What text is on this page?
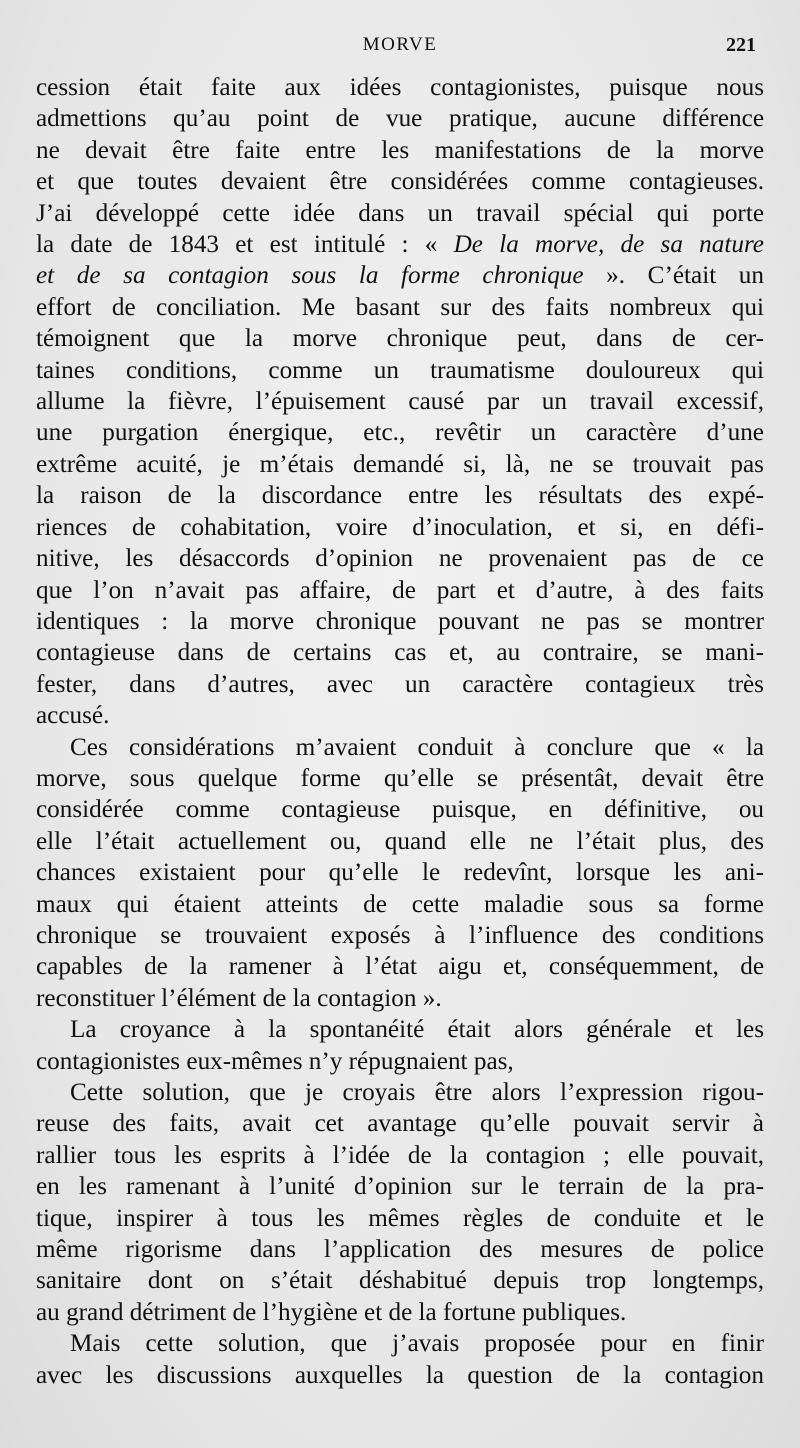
MORVE	221
cession était faite aux idées contagionistes, puisque nous
admettions qu’au point de vue pratique, aucune différence
ne devait être faite entre les manifestations de la morve
et que toutes devaient être considérées comme contagieuses.
J’ai développé cette idée dans un travail spécial qui porte
la date de 1843 et est intitulé : « De la morve, de sa nature
et de sa contagion sous la forme chronique ». C’était un
effort de conciliation. Me basant sur des faits nombreux qui
témoignent que la morve chronique peut, dans de cer-
taines conditions, comme un traumatisme douloureux qui
allume la fièvre, l’épuisement causé par un travail excessif,
une purgation énergique, etc., revêtir un caractère d’une
extrême acuité, je m’étais demandé si, là, ne se trouvait pas
la raison de la discordance entre les résultats des expé-
riences de cohabitation, voire d’inoculation, et si, en défi-
nitive, les désaccords d’opinion ne provenaient pas de ce
que l’on n’avait pas affaire, de part et d’autre, à des faits
identiques : la morve chronique pouvant ne pas se montrer
contagieuse dans de certains cas et, au contraire, se mani-
fester, dans d’autres, avec un caractère contagieux très
accusé.
Ces considérations m’avaient conduit à conclure que « la
morve, sous quelque forme qu’elle se présentât, devait être
considérée comme contagieuse puisque, en définitive, ou
elle l’était actuellement ou, quand elle ne l’était plus, des
chances existaient pour qu’elle le redevînt, lorsque les ani-
maux qui étaient atteints de cette maladie sous sa forme
chronique se trouvaient exposés à l’influence des conditions
capables de la ramener à l’état aigu et, conséquemment, de
reconstituer l’élément de la contagion ».
La croyance à la spontanéité était alors générale et les
contagionistes eux-mêmes n’y répugnaient pas,
Cette solution, que je croyais être alors l’expression rigou-
reuse des faits, avait cet avantage qu’elle pouvait servir à
rallier tous les esprits à l’idée de la contagion ; elle pouvait,
en les ramenant à l’unité d’opinion sur le terrain de la pra-
tique, inspirer à tous les mêmes règles de conduite et le
même rigorisme dans l’application des mesures de police
sanitaire dont on s’était déshabitué depuis trop longtemps,
au grand détriment de l’hygiène et de la fortune publiques.
Mais cette solution, que j’avais proposée pour en finir
avec les discussions auxquelles la question de la contagion
